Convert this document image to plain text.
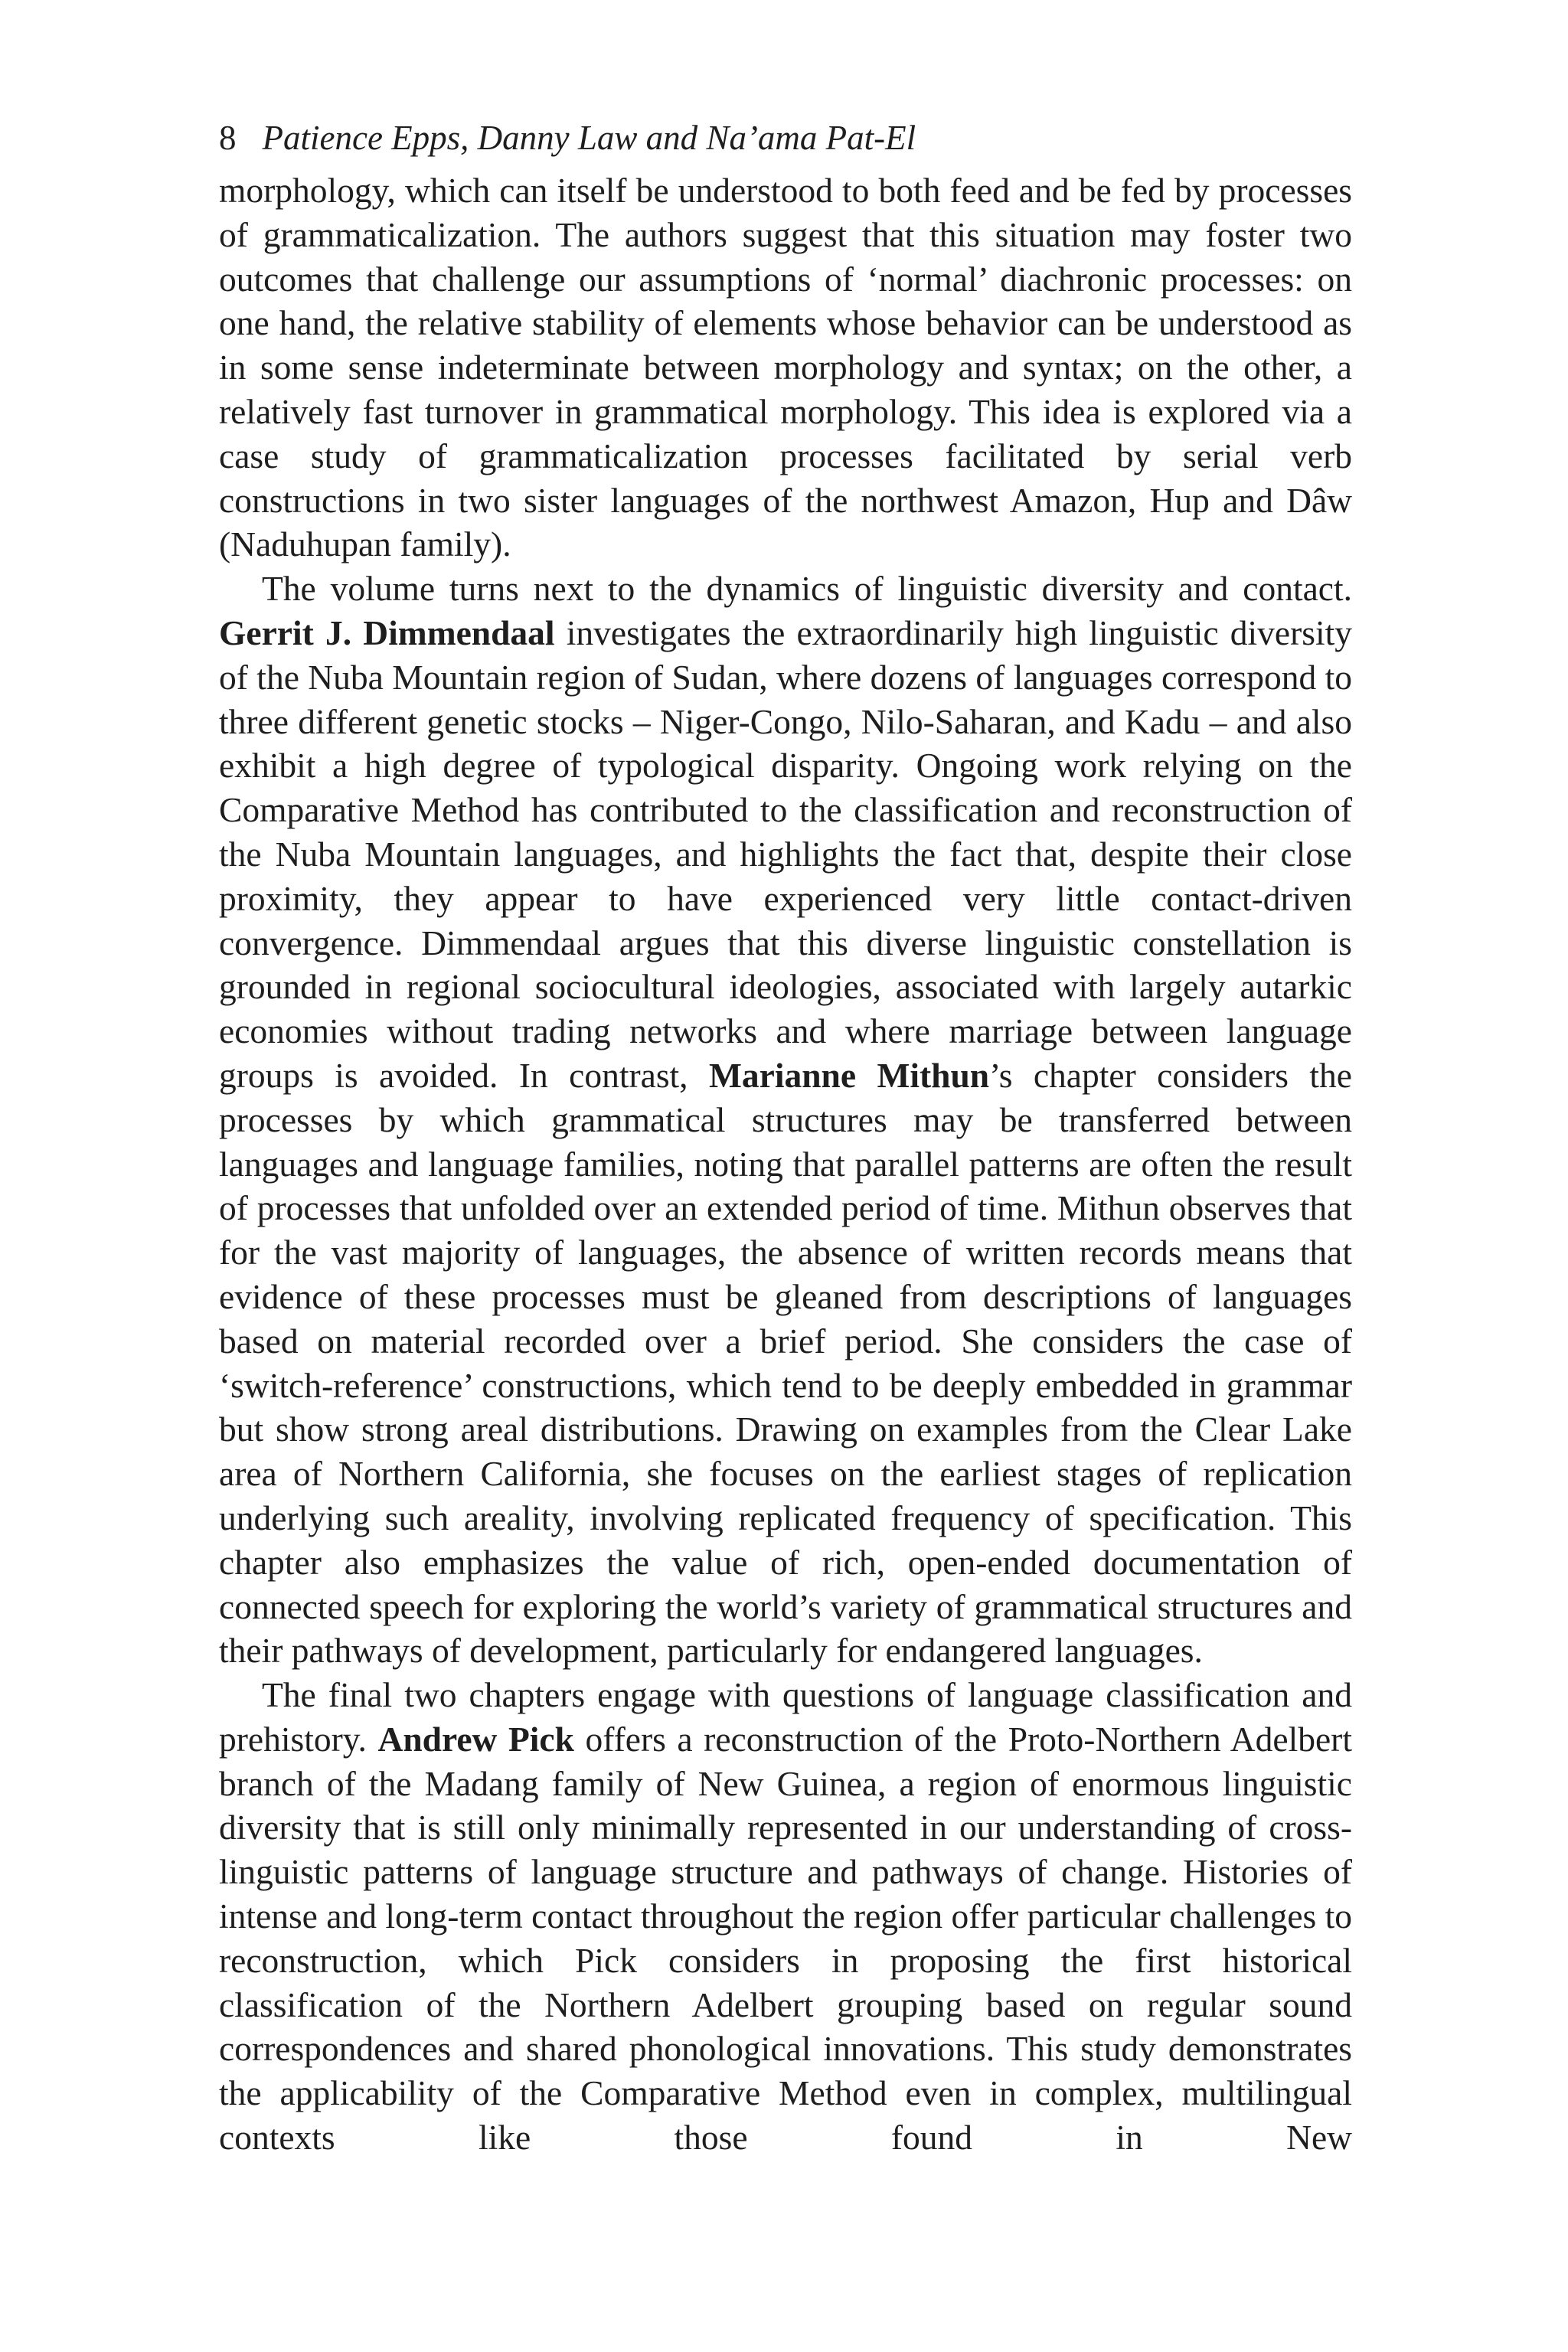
8 Patience Epps, Danny Law and Na’ama Pat-El

morphology, which can itself be understood to both feed and be fed by processes of grammaticalization. The authors suggest that this situation may foster two outcomes that challenge our assumptions of ‘normal’ diachronic processes: on one hand, the relative stability of elements whose behavior can be understood as in some sense indeterminate between morphology and syntax; on the other, a relatively fast turnover in grammatical morphology. This idea is explored via a case study of grammaticalization processes facilitated by serial verb constructions in two sister languages of the northwest Amazon, Hup and Dâw (Naduhupan family).

The volume turns next to the dynamics of linguistic diversity and contact. Gerrit J. Dimmendaal investigates the extraordinarily high linguistic diversity of the Nuba Mountain region of Sudan, where dozens of languages correspond to three different genetic stocks – Niger-Congo, Nilo-Saharan, and Kadu – and also exhibit a high degree of typological disparity. Ongoing work relying on the Comparative Method has contributed to the classification and reconstruction of the Nuba Mountain languages, and highlights the fact that, despite their close proximity, they appear to have experienced very little contact-driven convergence. Dimmendaal argues that this diverse linguistic constellation is grounded in regional sociocultural ideologies, associated with largely autarkic economies without trading networks and where marriage between language groups is avoided. In contrast, Marianne Mithun’s chapter considers the processes by which grammatical structures may be transferred between languages and language families, noting that parallel patterns are often the result of processes that unfolded over an extended period of time. Mithun observes that for the vast majority of languages, the absence of written records means that evidence of these processes must be gleaned from descriptions of languages based on material recorded over a brief period. She considers the case of ‘switch-reference’ constructions, which tend to be deeply embedded in grammar but show strong areal distributions. Drawing on examples from the Clear Lake area of Northern California, she focuses on the earliest stages of replication underlying such areality, involving replicated frequency of specification. This chapter also emphasizes the value of rich, open-ended documentation of connected speech for exploring the world’s variety of grammatical structures and their pathways of development, particularly for endangered languages.

The final two chapters engage with questions of language classification and prehistory. Andrew Pick offers a reconstruction of the Proto-Northern Adelbert branch of the Madang family of New Guinea, a region of enormous linguistic diversity that is still only minimally represented in our understanding of cross-linguistic patterns of language structure and pathways of change. Histories of intense and long-term contact throughout the region offer particular challenges to reconstruction, which Pick considers in proposing the first historical classification of the Northern Adelbert grouping based on regular sound correspondences and shared phonological innovations. This study demonstrates the applicability of the Comparative Method even in complex, multilingual contexts like those found in New
